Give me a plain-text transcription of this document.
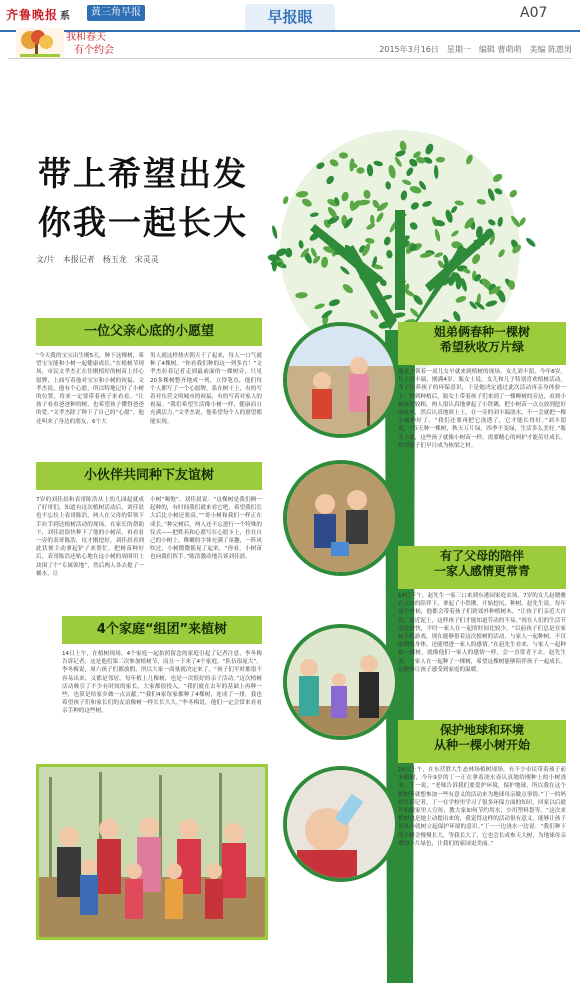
齐鲁晚报 系	黄三角早报	早报眼	A07
我和春天
有个约会	2015年3月16日　星期一　编辑 曹萌萌　美编 陈惠男
带上希望出发
你我一起长大
文/片　本报记者　杨玉龙　宋灵灵
一位父亲心底的小愿望
“今天我的宝宝出生刚5天，种下这棵树，希望宝宝能和小树一起健康成长。”在植树节现场，市民文孝杰正在往刚植好的树苗上挂心愿牌，上面写着他对宝宝和小树的祝福。文孝杰说，他有个心愿，所以特地记好了小树的位置，将来一定要带着孩子来看看。“让孩子看看爸爸种的树，也希望孩子懂得爸爸的爱。”文孝杰除了种下了自己的“心愿”，他还叫来了身边的朋友，6个大
男人就这样热火朝天干了起来，每人一口气就种了4棵树。“你看我们种的这一列多直！”文孝杰拉着记者走到最前面的一棵树旁，只见20多棵树整齐地成一列，立得笔直，他们每个人都写了一个心愿牌，系在树干上，有的写着对东营文明城市的祝福，有的写着对家人的祝福。“我们希望生活像小树一样，健康而且充满活力。”文孝杰说，他希望每个人的愿望都能实现。
小伙伴共同种下友谊树
7岁的刘佳晨和表哥陈浩从上幼儿园起就成了好哥们，知道有这次植树活动后，刘佳晨也不忘拉上表哥陈浩，两人在父母的带领下手拉手到达植树活动的现场。在家长的帮助下，刘佳晨很快种下了他的小树苗，再看看一旁的表哥陈浩，坑才刚挖好，刘佳晨看到此状便主动拿起铲子来帮忙，把树苗种好后，表哥陈浩还贴心地在这小树的周围用土块围了个“专属领地”，然后两人各去提了一桶水，让
小树“喝饱”。刘佳晨说：“这棵树是我们俩一起种的，有时间我们就来看它吧，希望我们长大后比小树还要高。”“哥小树和我们一样正在成长。”种完树后，两人还不忘进行一个特殊的仪式——把姓名和心愿写在心愿卡上，挂在自己的小树上。稚嫩的字体充满了童趣，一阵风吹过，小树微微摇晃了起来，“你看，小树苗也向我们挥手。”陈浩激动地告诉刘佳晨。
4个家庭“组团”来植树
14日上午，在植树现场，4个家庭一起拍照留念的家庭引起了记者注意，李冬梅告诉记者，这是他们第二次参加植树节，而且一下来了4个家庭，“队伍很庞大”。李冬梅说，周六孩子们都放假，所以大家一商量就决定来了，“孩子们平时都很不容易出来，又都是邻居，每年植上几棵树，也是一次很好的亲子活动。”这次植树活动吸引了不少有时间的家长，大家都很投入，“我们就在去年的基础上再种一些，也算是给家乡做一点贡献。”“我们4家每家都种了4棵树，连成了一排，我也希望孩子们和家长们的友谊像树一样长长久久。”李冬梅说，他们一定会常来看看亲手种的这些树。
姐弟俩春种一棵树
希望秋收万片绿
瓶女士领着一双儿女早就来到植树的现场，女儿刘丰湄，今年8岁，儿子刘丰瑞，刚满4岁。瓶女士说，女儿和儿子特别喜欢植树活动，为了培养孩子的环保意识，于是她决定通过此次活动再亲身体验一下。得到种植后，瓶女士带着孩子们来到了一棵柳树的旁边，看到小树苗比较粗，两人很认真地拿起了小铁锹，把小树苗一点点放到挖好的坑里，然后认真地填上土，在一旁的刘丰瑞浇水，不一会就把一棵小树种好了。“我们还要再把它浇透了，它才能长得好。”刘丰湄说，“春天种一棵树，秋天万片绿，四季不变绿，生活多么美好。”瓶女士说，这些孩子就像小树苗一样，需要精心的呵护才能茁壮成长，希望孩子们早日成为栋梁之材。
有了父母的陪伴
一家人感情更常青
14日下午，赵先生一家三口来到东港园家庭农场，7岁的女儿赵晓雅在父母的陪伴下，拿起了小铁锹，开始挖坑，种树。赵先生说，每年这个时候，他都会带着孩子们到郊外种植树木，“让孩子们亲近大自然，接近泥土，这样孩子们才能知道劳动的不易。”现在人们的生活节奏比较快，平时一家人在一起的时间比较少，“以前孩子们总是在家玩手机游戏，现在能够借着这次植树的活动，与家人一起种树，不仅能锻炼身体，还能增进一家人的感情。”在赵先生看来，与家人一起种植一棵树，就像他们一家人的感情一样，会一直常青下去。赵先生说，一家人在一起种了一棵树，希望这棵树能够陪伴孩子一起成长，也能够让孩子感受到家庭的温暖。
保护地球和环境
从种一棵小树开始
14日上午，在东营胜大生态林场植树现场，有不少市民带着孩子前来植树，今年9岁的丁一正在拿着浇水壶认真地给刚种上的小树浇水。丁一说，“老师告诉我们要爱护环境，保护地球，所以我在这个植树节就想参加一些有意义的活动来为地球母亲做点事情。”丁一的妈妈告诉记者，丁一在学校里学习了很多环保方面的知识，回家以后就开始跟家里人宣传，教大家如何节约用水，少用塑料袋等。“这次来植树也是她主动提出来的，我觉得这样的活动很有意义，能够让孩子们从小就树立起保护环境的意识。”丁一一边浇水一边说：“我们种下的小树会慢慢长大，等我长大了，它也会长成参天大树，为地球母亲增添一片绿色，让我们的家园更美丽。”
